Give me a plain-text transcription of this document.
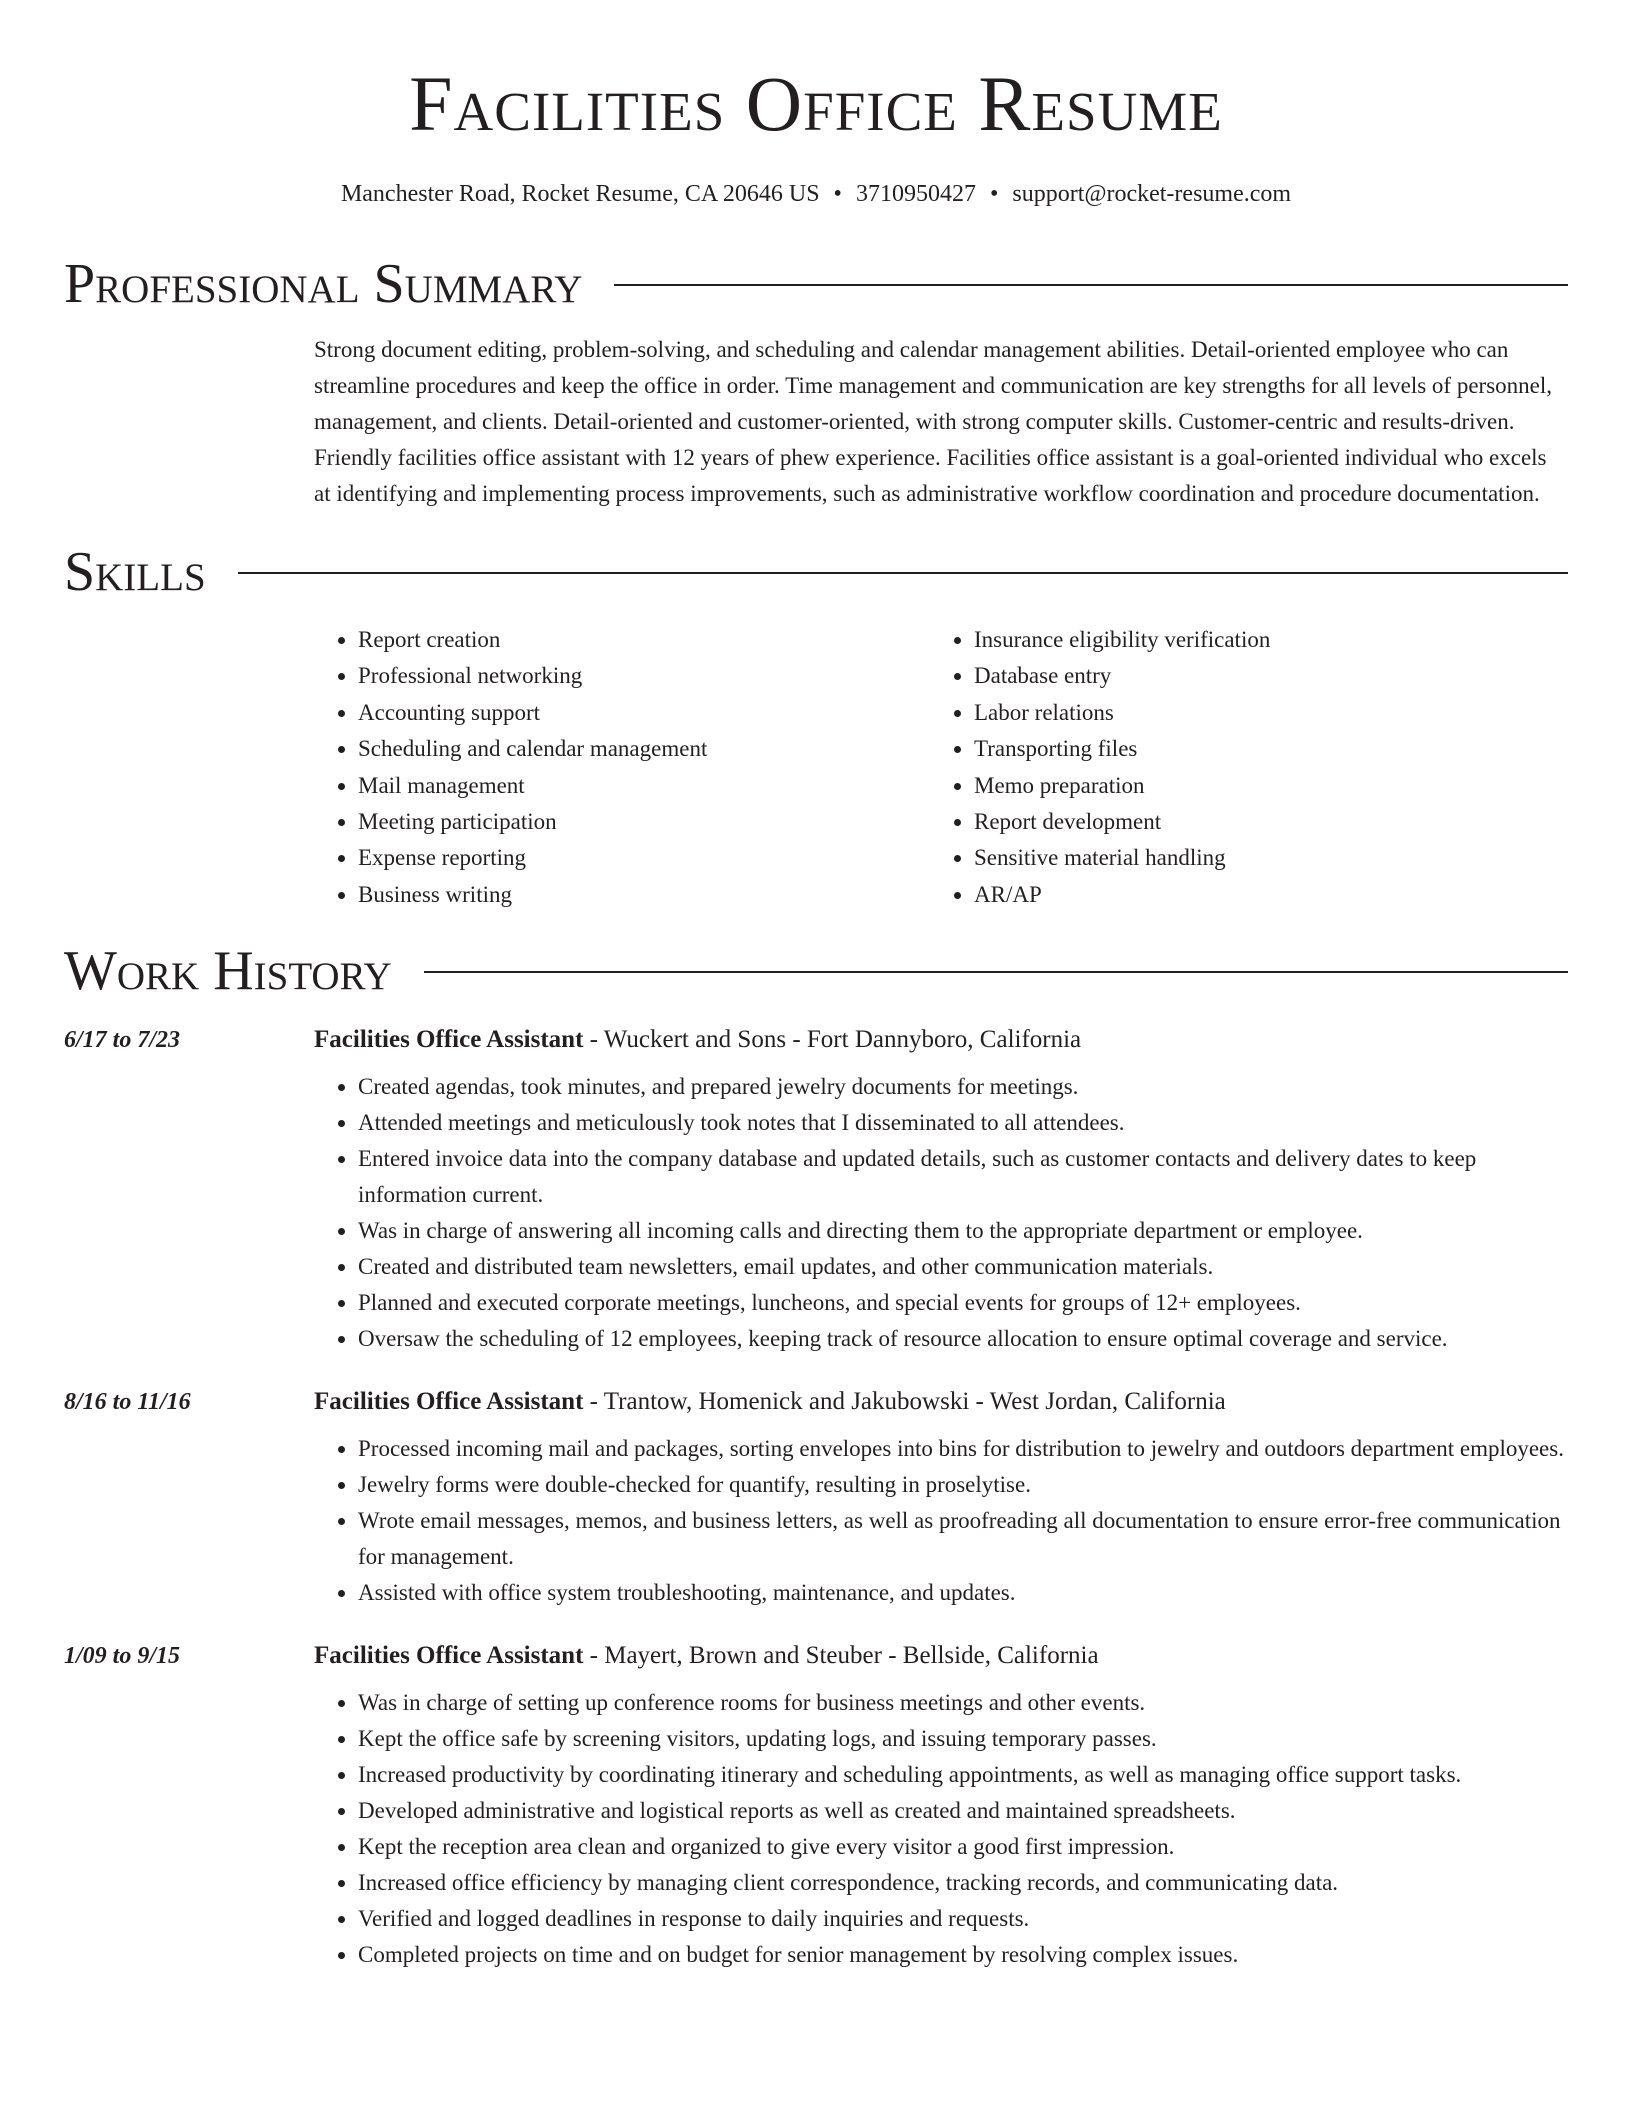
Facilities Office Resume
Manchester Road, Rocket Resume, CA 20646 US • 3710950427 • support@rocket-resume.com
Professional Summary

Strong document editing, problem-solving, and scheduling and calendar management abilities. Detail-oriented employee who can streamline procedures and keep the office in order. Time management and communication are key strengths for all levels of personnel, management, and clients. Detail-oriented and customer-oriented, with strong computer skills. Customer-centric and results-driven. Friendly facilities office assistant with 12 years of phew experience. Facilities office assistant is a goal-oriented individual who excels at identifying and implementing process improvements, such as administrative workflow coordination and procedure documentation.

Skills
• Report creation
• Professional networking
• Accounting support
• Scheduling and calendar management
• Mail management
• Meeting participation
• Expense reporting
• Business writing
• Insurance eligibility verification
• Database entry
• Labor relations
• Transporting files
• Memo preparation
• Report development
• Sensitive material handling
• AR/AP
Work History
6/17 to 7/23	Facilities Office Assistant - Wuckert and Sons - Fort Dannyboro, California
• Created agendas, took minutes, and prepared jewelry documents for meetings.
• Attended meetings and meticulously took notes that I disseminated to all attendees.
• Entered invoice data into the company database and updated details, such as customer contacts and delivery dates to keep information current.
• Was in charge of answering all incoming calls and directing them to the appropriate department or employee.
• Created and distributed team newsletters, email updates, and other communication materials.
• Planned and executed corporate meetings, luncheons, and special events for groups of 12+ employees.
• Oversaw the scheduling of 12 employees, keeping track of resource allocation to ensure optimal coverage and service.
8/16 to 11/16	Facilities Office Assistant - Trantow, Homenick and Jakubowski - West Jordan, California
• Processed incoming mail and packages, sorting envelopes into bins for distribution to jewelry and outdoors department employees.
• Jewelry forms were double-checked for quantify, resulting in proselytise.
• Wrote email messages, memos, and business letters, as well as proofreading all documentation to ensure error-free communication for management.
• Assisted with office system troubleshooting, maintenance, and updates.
1/09 to 9/15	Facilities Office Assistant - Mayert, Brown and Steuber - Bellside, California
• Was in charge of setting up conference rooms for business meetings and other events.
• Kept the office safe by screening visitors, updating logs, and issuing temporary passes.
• Increased productivity by coordinating itinerary and scheduling appointments, as well as managing office support tasks.
• Developed administrative and logistical reports as well as created and maintained spreadsheets.
• Kept the reception area clean and organized to give every visitor a good first impression.
• Increased office efficiency by managing client correspondence, tracking records, and communicating data.
• Verified and logged deadlines in response to daily inquiries and requests.
• Completed projects on time and on budget for senior management by resolving complex issues.
